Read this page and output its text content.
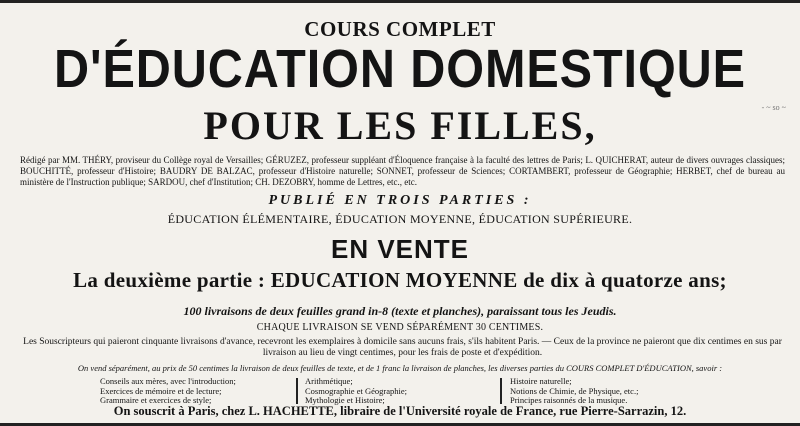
COURS COMPLET
D'ÉDUCATION DOMESTIQUE
POUR LES FILLES,
Rédigé par MM. THÉRY, proviseur du Collège royal de Versailles; GÉRUZEZ, professeur suppléant d'Éloquence française à la faculté des lettres de Paris; L. QUICHERAT, auteur de divers ouvrages classiques; BOUCHITTÉ, professeur d'Histoire; BAUDRY DE BALZAC, professeur d'Histoire naturelle; SONNET, professeur de Sciences; CORTAMBERT, professeur de Géographie; HERBET, chef de bureau au ministère de l'Instruction publique; SARDOU, chef d'Institution; CH. DEZOBRY, homme de Lettres, etc., etc.
PUBLIÉ EN TROIS PARTIES :
ÉDUCATION ÉLÉMENTAIRE, ÉDUCATION MOYENNE, ÉDUCATION SUPÉRIEURE.
EN VENTE
La deuxième partie : EDUCATION MOYENNE de dix à quatorze ans;
100 livraisons de deux feuilles grand in-8 (texte et planches), paraissant tous les Jeudis.
CHAQUE LIVRAISON SE VEND SÉPARÉMENT 30 CENTIMES.
Les Souscripteurs qui paieront cinquante livraisons d'avance, recevront les exemplaires à domicile sans aucuns frais, s'ils habitent Paris. — Ceux de la province ne paieront que dix centimes en sus par livraison au lieu de vingt centimes, pour les frais de poste et d'expédition.
On vend séparément, au prix de 50 centimes la livraison de deux feuilles de texte, et de 1 franc la livraison de planches, les diverses parties du COURS COMPLET D'ÉDUCATION, savoir :
Conseils aux mères, avec l'introduction;
Exercices de mémoire et de lecture;
Grammaire et exercices de style;
Arithmétique;
Cosmographie et Géographie;
Mythologie et Histoire;
Histoire naturelle;
Notions de Chimie, de Physique, etc.;
Principes raisonnés de la musique.
On souscrit à Paris, chez L. HACHETTE, libraire de l'Université royale de France, rue Pierre-Sarrazin, 12.
- ~ so ~
